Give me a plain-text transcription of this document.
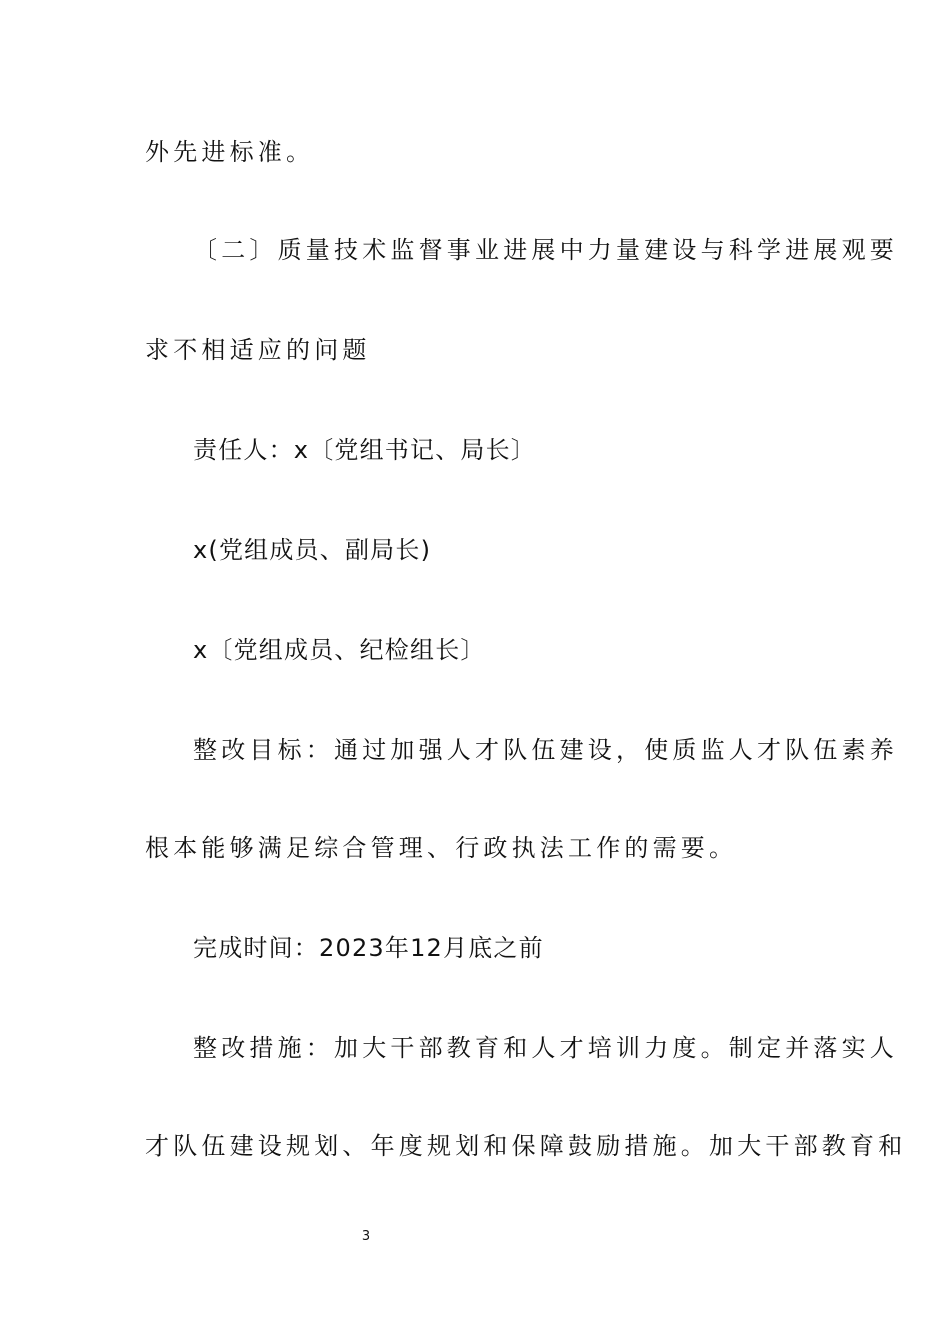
外先进标准。
〔二〕质量技术监督事业进展中力量建设与科学进展观要
求不相适应的问题
责任人：x〔党组书记、局长〕
x(党组成员、副局长)
x〔党组成员、纪检组长〕
整改目标：通过加强人才队伍建设，使质监人才队伍素养
根本能够满足综合管理、行政执法工作的需要。
完成时间：2023年12月底之前
整改措施：加大干部教育和人才培训力度。制定并落实人
才队伍建设规划、年度规划和保障鼓励措施。加大干部教育和
3
